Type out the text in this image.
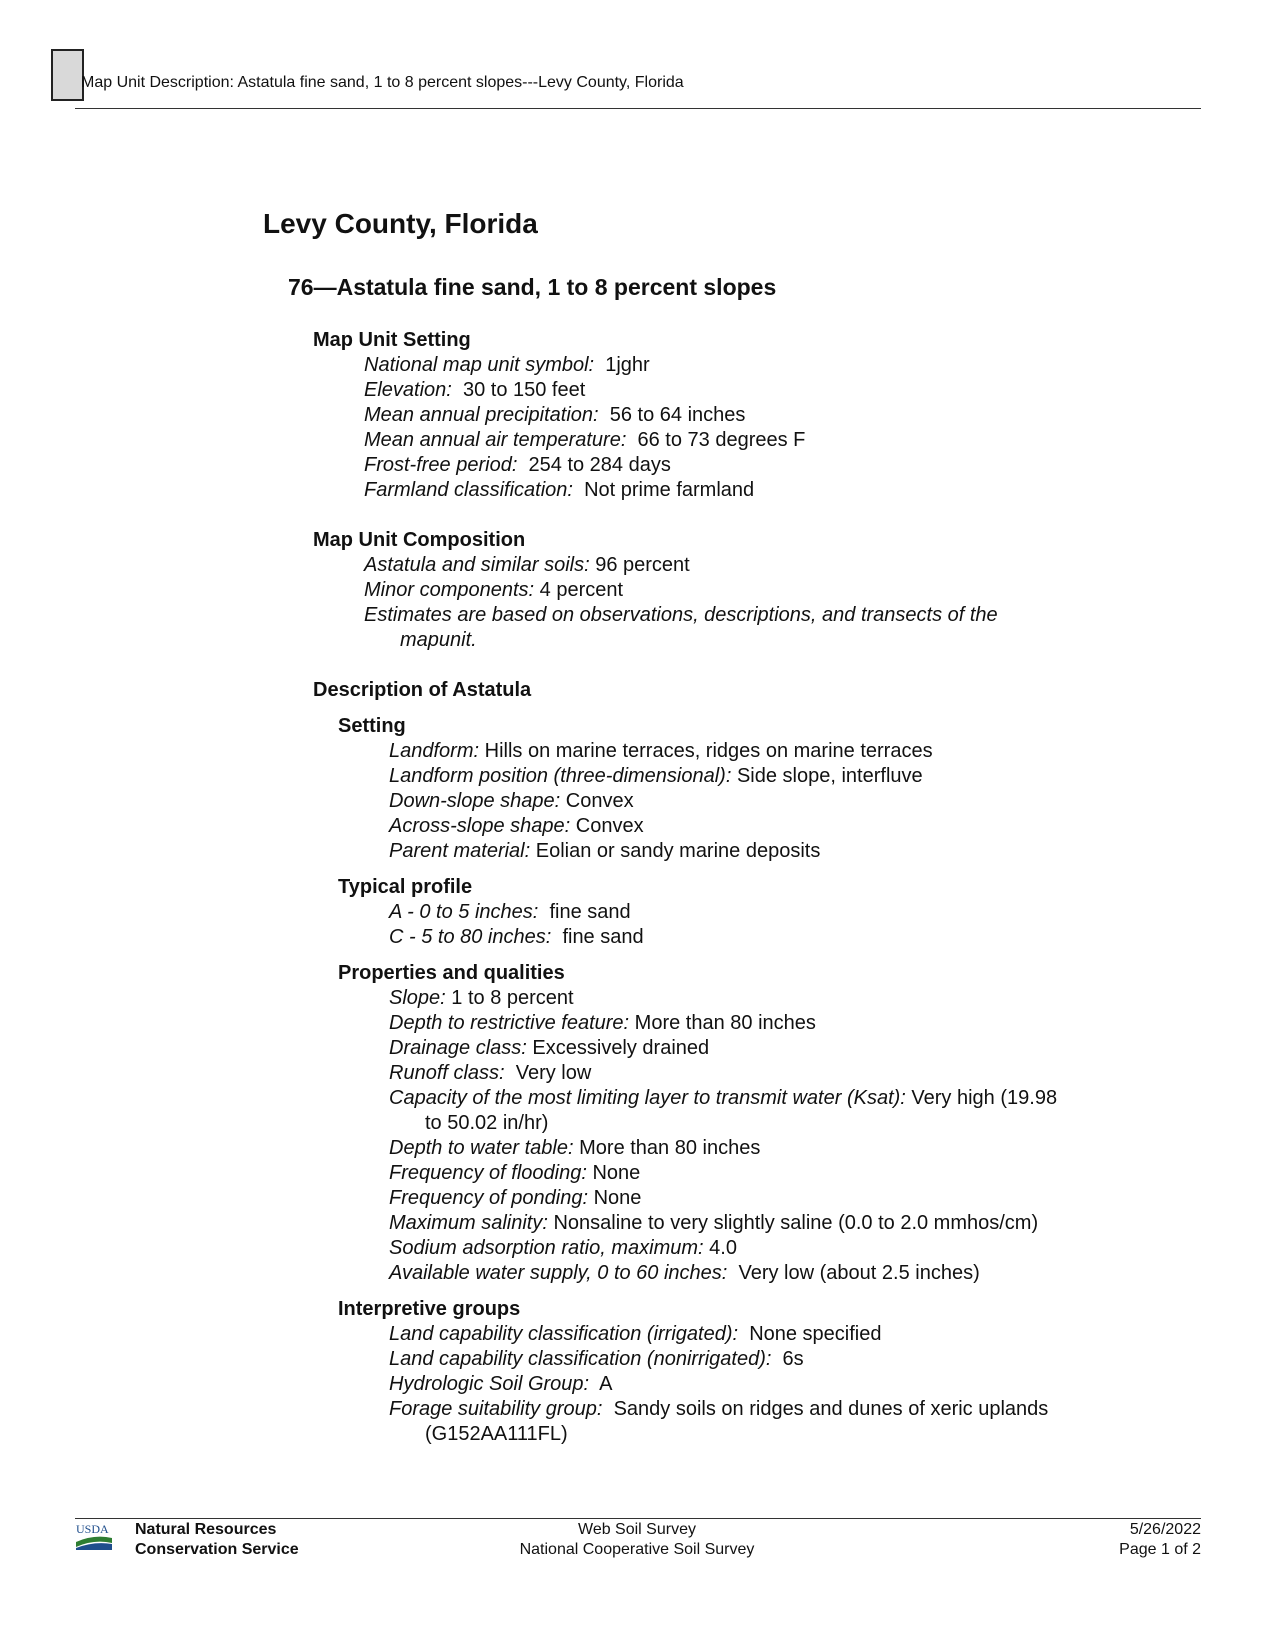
Map Unit Description: Astatula fine sand, 1 to 8 percent slopes---Levy County, Florida
Levy County, Florida
76—Astatula fine sand, 1 to 8 percent slopes
Map Unit Setting
National map unit symbol: 1jghr
Elevation: 30 to 150 feet
Mean annual precipitation: 56 to 64 inches
Mean annual air temperature: 66 to 73 degrees F
Frost-free period: 254 to 284 days
Farmland classification: Not prime farmland
Map Unit Composition
Astatula and similar soils: 96 percent
Minor components: 4 percent
Estimates are based on observations, descriptions, and transects of the mapunit.
Description of Astatula
Setting
Landform: Hills on marine terraces, ridges on marine terraces
Landform position (three-dimensional): Side slope, interfluve
Down-slope shape: Convex
Across-slope shape: Convex
Parent material: Eolian or sandy marine deposits
Typical profile
A - 0 to 5 inches: fine sand
C - 5 to 80 inches: fine sand
Properties and qualities
Slope: 1 to 8 percent
Depth to restrictive feature: More than 80 inches
Drainage class: Excessively drained
Runoff class: Very low
Capacity of the most limiting layer to transmit water (Ksat): Very high (19.98 to 50.02 in/hr)
Depth to water table: More than 80 inches
Frequency of flooding: None
Frequency of ponding: None
Maximum salinity: Nonsaline to very slightly saline (0.0 to 2.0 mmhos/cm)
Sodium adsorption ratio, maximum: 4.0
Available water supply, 0 to 60 inches: Very low (about 2.5 inches)
Interpretive groups
Land capability classification (irrigated): None specified
Land capability classification (nonirrigated): 6s
Hydrologic Soil Group: A
Forage suitability group: Sandy soils on ridges and dunes of xeric uplands (G152AA111FL)
USDA Natural Resources
Conservation Service
Web Soil Survey
National Cooperative Soil Survey
5/26/2022
Page 1 of 2
